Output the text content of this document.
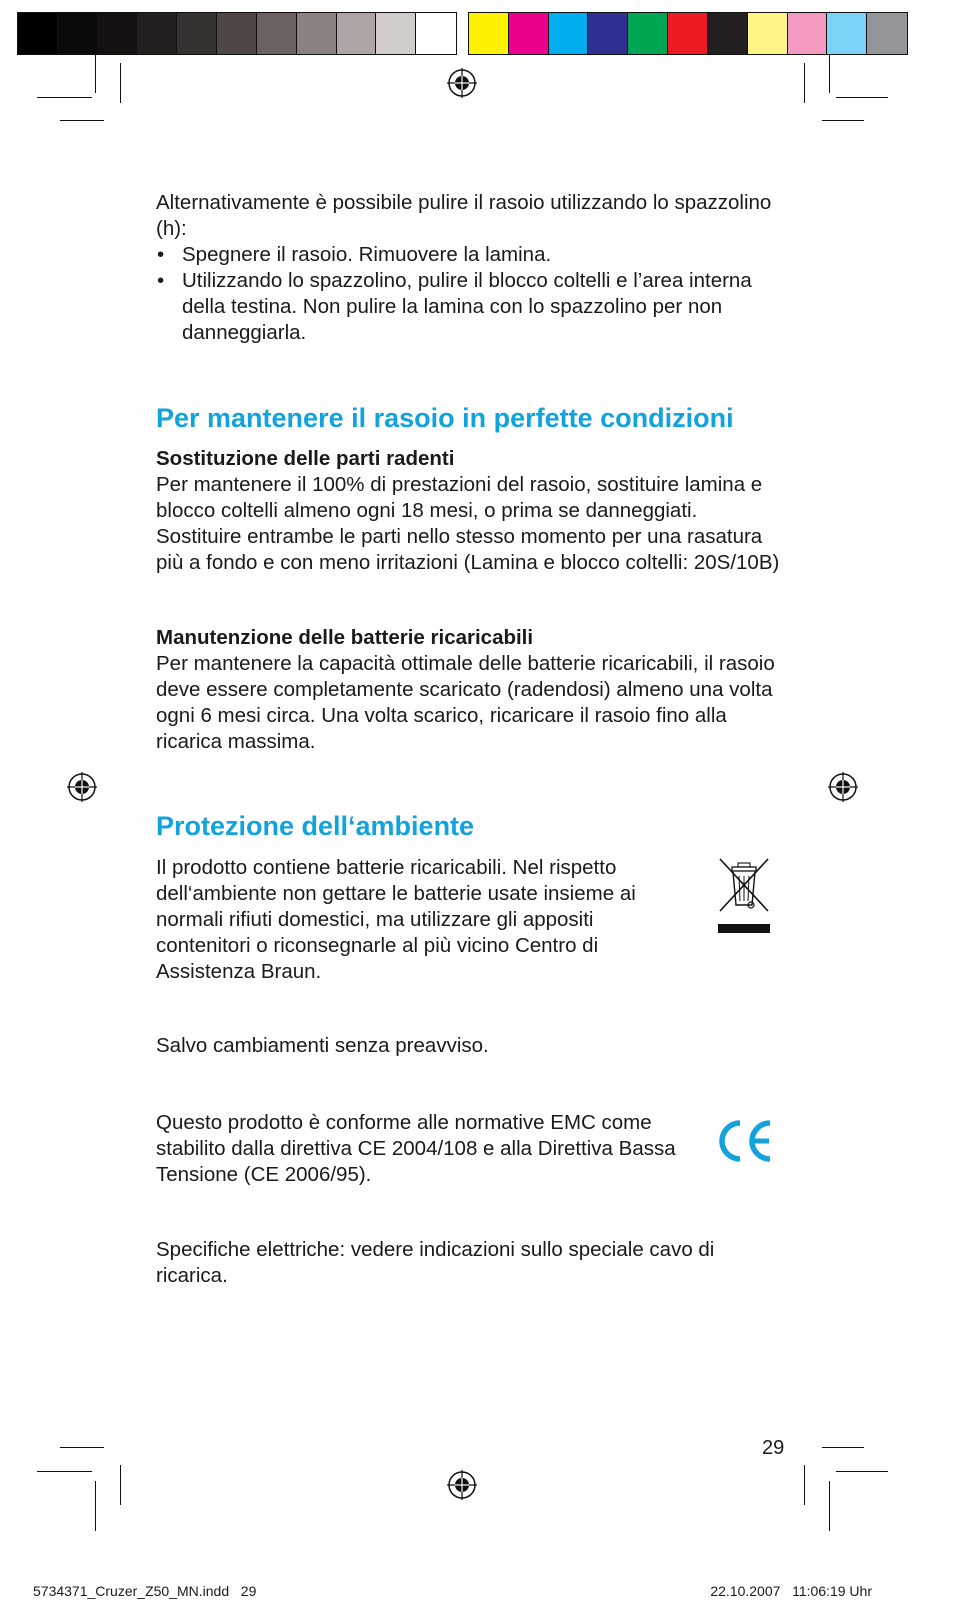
Alternativamente è possibile pulire il rasoio utilizzando lo spazzolino (h):

• Spegnere il rasoio. Rimuovere la lamina.
• Utilizzando lo spazzolino, pulire il blocco coltelli e l’area interna della testina. Non pulire la lamina con lo spazzolino per non danneggiarla.
Per mantenere il rasoio in perfette condizioni

Sostituzione delle parti radenti

Per mantenere il 100% di prestazioni del rasoio, sostituire lamina e blocco coltelli almeno ogni 18 mesi, o prima se danneggiati. Sostituire entrambe le parti nello stesso momento per una rasatura più a fondo e con meno irritazioni (Lamina e blocco coltelli: 20S/10B)

Manutenzione delle batterie ricaricabili

Per mantenere la capacità ottimale delle batterie ricaricabili, il rasoio deve essere completamente scaricato (radendosi) almeno una volta ogni 6 mesi circa. Una volta scarico, ricaricare il rasoio fino alla ricarica massima.

Protezione dell‘ambiente
Il prodotto contiene batterie ricaricabili. Nel rispetto dell‘ambiente non gettare le batterie usate insieme ai normali rifiuti domestici, ma utilizzare gli appositi contenitori o riconsegnarle al più vicino Centro di Assistenza Braun.
Salvo cambiamenti senza preavviso.
Questo prodotto è conforme alle normative EMC come stabilito dalla direttiva CE 2004/108 e alla Direttiva Bassa Tensione (CE 2006/95).
Specifiche elettriche: vedere indicazioni sullo speciale cavo di ricarica.
29
5734371_Cruzer_Z50_MN.indd   29	22.10.2007   11:06:19 Uhr
